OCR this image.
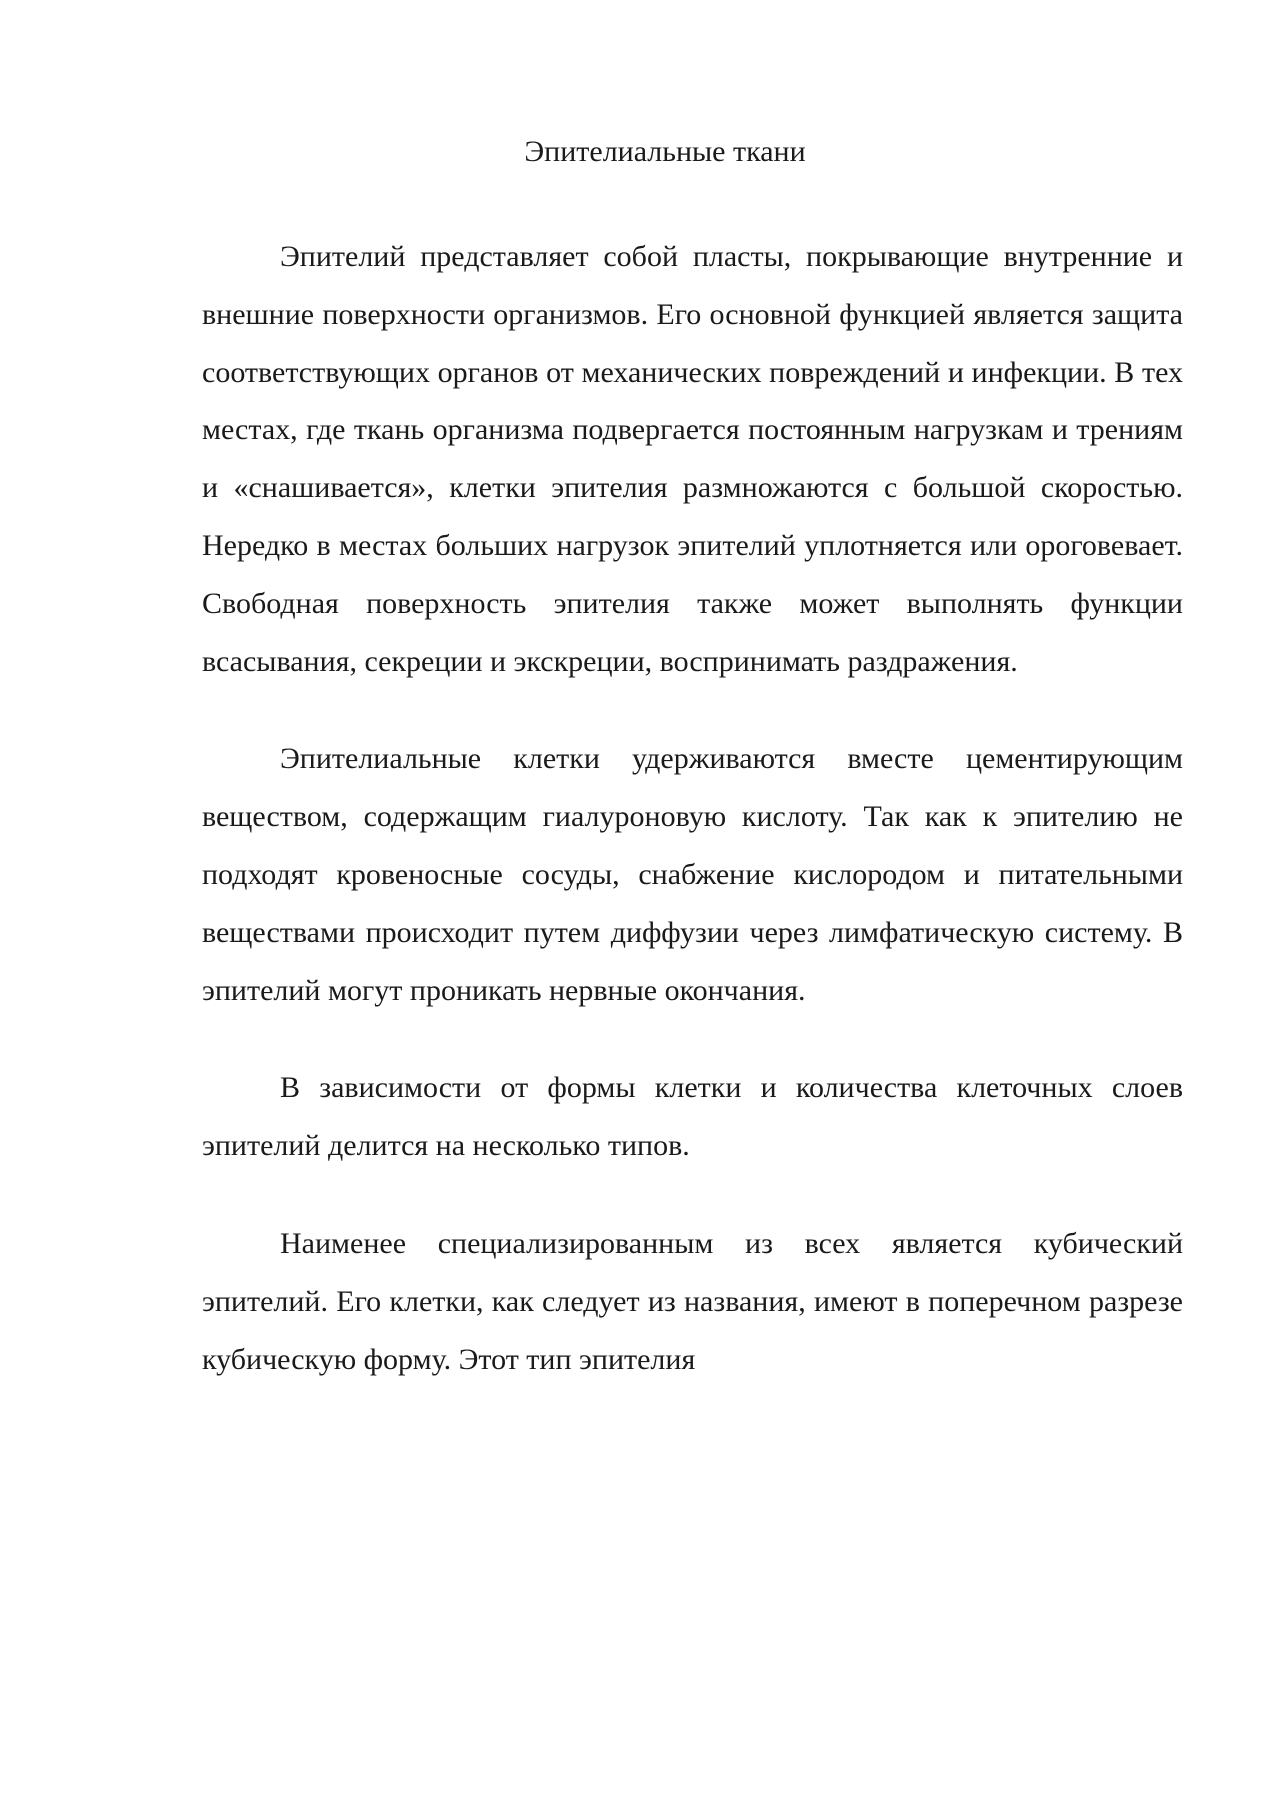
Эпителиальные ткани

Эпителий представляет собой пласты, покрывающие внутренние и внешние поверхности организмов. Его основной функцией является защита соответствующих органов от механических повреждений и инфекции. В тех местах, где ткань организма подвергается постоянным нагрузкам и трениям и «снашивается», клетки эпителия размножаются с большой скоростью. Нередко в местах больших нагрузок эпителий уплотняется или ороговевает. Свободная поверхность эпителия также может выполнять функции всасывания, секреции и экскреции, воспринимать раздражения.

Эпителиальные клетки удерживаются вместе цементирующим веществом, содержащим гиалуроновую кислоту. Так как к эпителию не подходят кровеносные сосуды, снабжение кислородом и питательными веществами происходит путем диффузии через лимфатическую систему. В эпителий могут проникать нервные окончания.

В зависимости от формы клетки и количества клеточных слоев эпителий делится на несколько типов.

Наименее специализированным из всех является кубический эпителий. Его клетки, как следует из названия, имеют в поперечном разрезе кубическую форму. Этот тип эпителия
